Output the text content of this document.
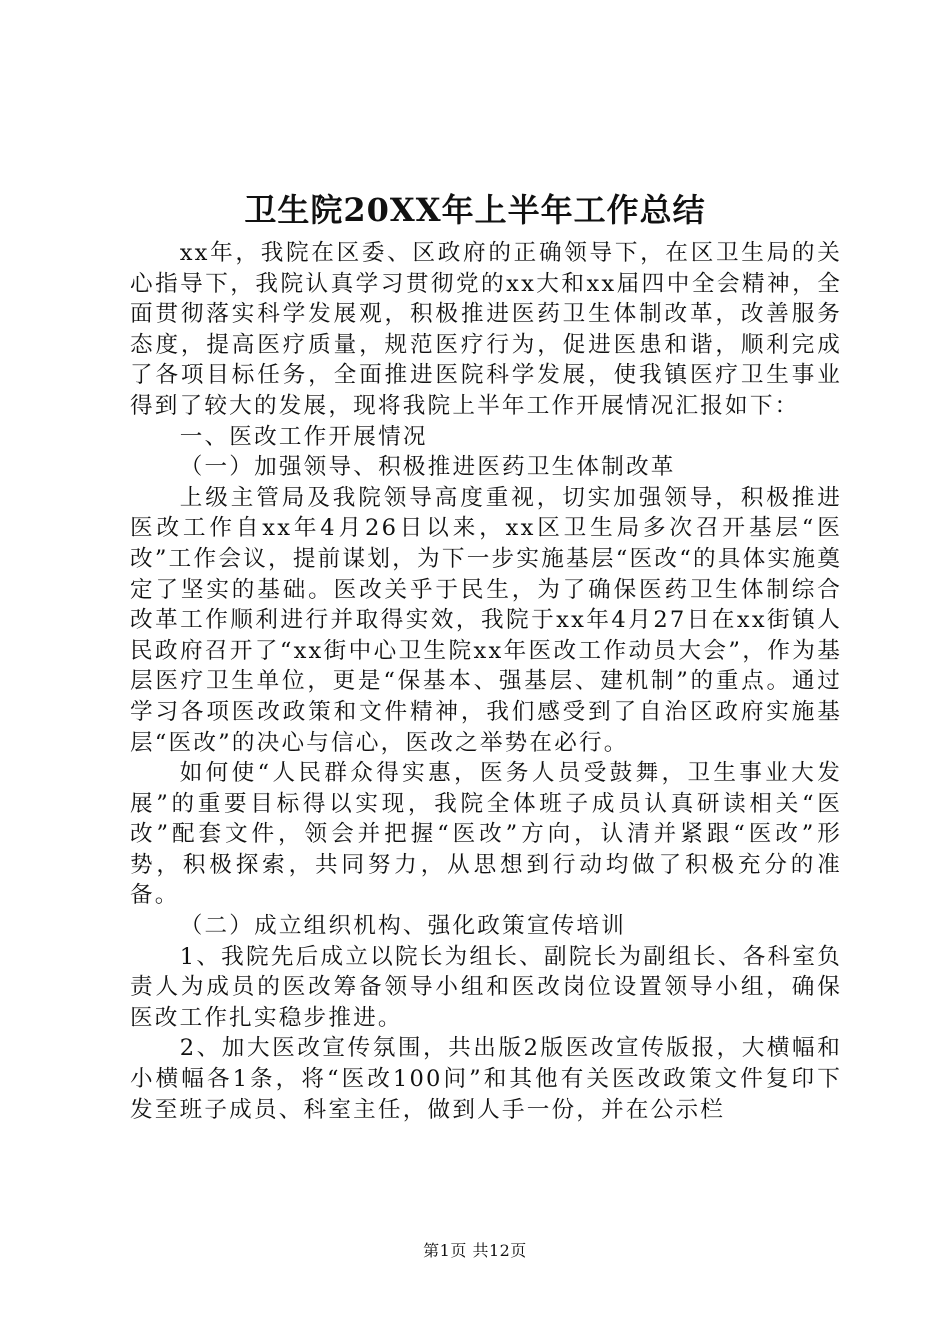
卫生院20XX年上半年工作总结

xx年，我院在区委、区政府的正确领导下，在区卫生局的关心指导下，我院认真学习贯彻党的xx大和xx届四中全会精神，全面贯彻落实科学发展观，积极推进医药卫生体制改革，改善服务态度，提高医疗质量，规范医疗行为，促进医患和谐，顺利完成了各项目标任务，全面推进医院科学发展，使我镇医疗卫生事业得到了较大的发展，现将我院上半年工作开展情况汇报如下：

一、医改工作开展情况

（一）加强领导、积极推进医药卫生体制改革

上级主管局及我院领导高度重视，切实加强领导，积极推进医改工作自xx年4月26日以来，xx区卫生局多次召开基层“医改”工作会议，提前谋划，为下一步实施基层“医改“的具体实施奠定了坚实的基础。医改关乎于民生，为了确保医药卫生体制综合改革工作顺利进行并取得实效，我院于xx年4月27日在xx街镇人民政府召开了“xx街中心卫生院xx年医改工作动员大会”，作为基层医疗卫生单位，更是“保基本、强基层、建机制”的重点。通过学习各项医改政策和文件精神，我们感受到了自治区政府实施基层“医改”的决心与信心，医改之举势在必行。

如何使“人民群众得实惠，医务人员受鼓舞，卫生事业大发展”的重要目标得以实现，我院全体班子成员认真研读相关“医改”配套文件，领会并把握“医改”方向，认清并紧跟“医改”形势，积极探索，共同努力，从思想到行动均做了积极充分的准备。

（二）成立组织机构、强化政策宣传培训

1、我院先后成立以院长为组长、副院长为副组长、各科室负责人为成员的医改筹备领导小组和医改岗位设置领导小组，确保医改工作扎实稳步推进。

2、加大医改宣传氛围，共出版2版医改宣传版报，大横幅和小横幅各1条，将“医改100问”和其他有关医改政策文件复印下发至班子成员、科室主任，做到人手一份，并在公示栏

第1页 共12页
